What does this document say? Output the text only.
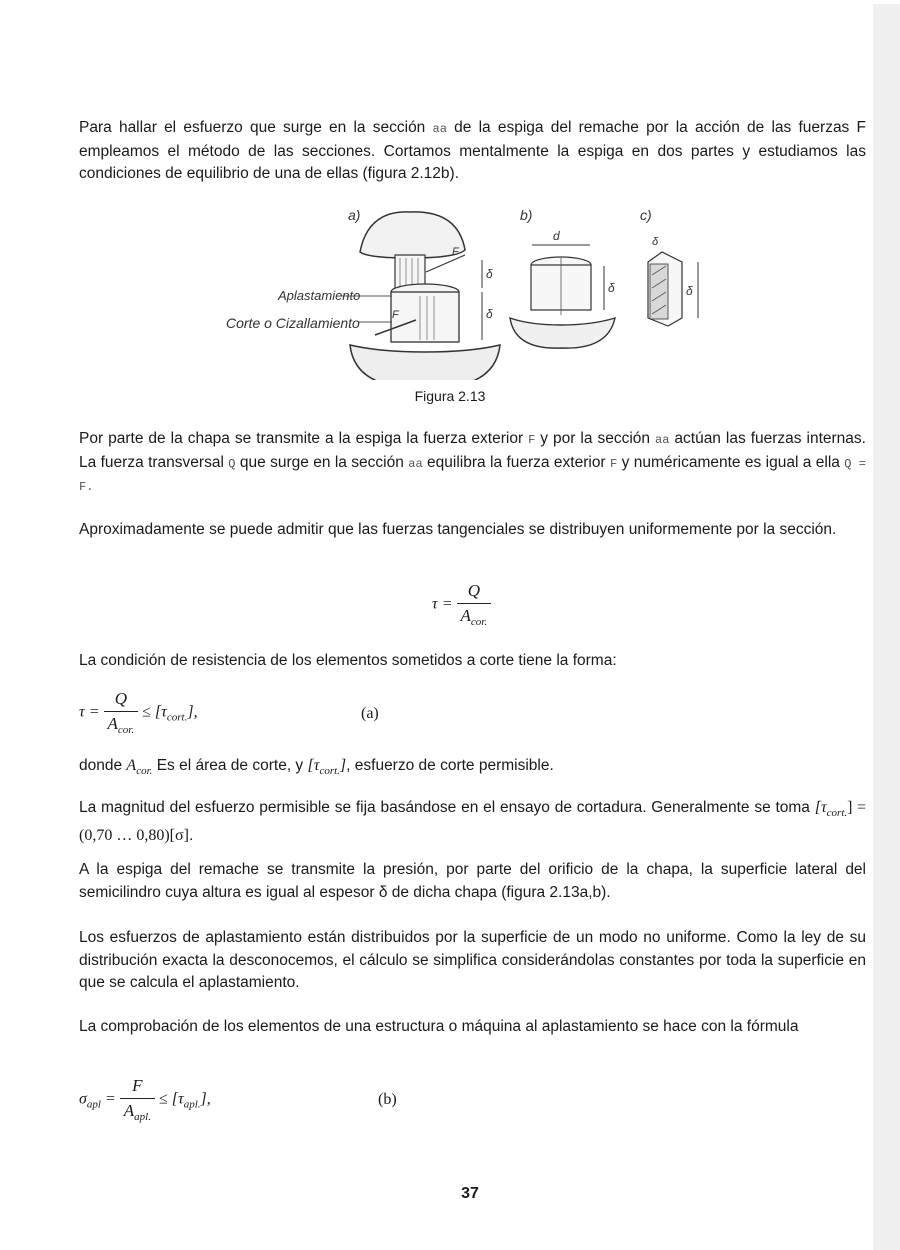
Para hallar el esfuerzo que surge en la sección aa de la espiga del remache por la acción de las fuerzas F empleamos el método de las secciones. Cortamos mentalmente la espiga en dos partes y estudiamos las condiciones de equilibrio de una de ellas (figura 2.12b).

a)
δ
δ
F
F
b)
d
δ
c)
δ
δ
Aplastamiento
Corte o Cizallamiento
Figura 2.13

Por parte de la chapa se transmite a la espiga la fuerza exterior F y por la sección aa actúan las fuerzas internas. La fuerza transversal Q que surge en la sección aa equilibra la fuerza exterior F y numéricamente es igual a ella Q = F.

Aproximadamente se puede admitir que las fuerzas tangenciales se distribuyen uniformemente por la sección.

$\tau = \frac{Q}{A_{cor.}}$

La condición de resistencia de los elementos sometidos a corte tiene la forma:

$\tau = \frac{Q}{A_{cor.}} \le [\tau_{cort.}]$,	(a)

donde $A_{cor.}$ Es el área de corte, y $[\tau_{cort.}]$, esfuerzo de corte permisible.

La magnitud del esfuerzo permisible se fija basándose en el ensayo de cortadura. Generalmente se toma $[\tau_{cort.}] = (0,70$ … 0,80)[σ].

A la espiga del remache se transmite la presión, por parte del orificio de la chapa, la superficie lateral del semicilindro cuya altura es igual al espesor δ de dicha chapa (figura 2.13a,b).

Los esfuerzos de aplastamiento están distribuidos por la superficie de un modo no uniforme. Como la ley de su distribución exacta la desconocemos, el cálculo se simplifica considerándolas constantes por toda la superficie en que se calcula el aplastamiento.

La comprobación de los elementos de una estructura o máquina al aplastamiento se hace con la fórmula

$\sigma_{apl} = \frac{F}{A_{apl.}} \le [\tau_{apl.}]$,	(b)
37
